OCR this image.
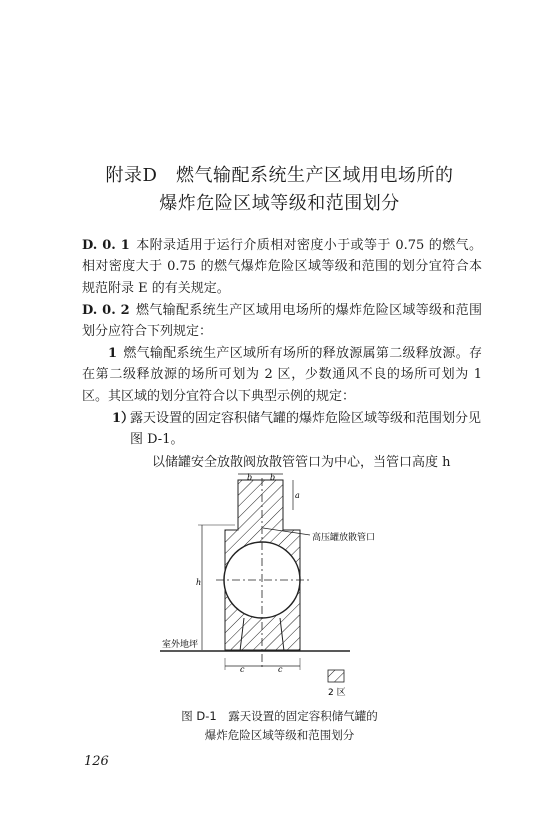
附录D　燃气输配系统生产区域用电场所的
爆炸危险区域等级和范围划分
D. 0. 1 本附录适用于运行介质相对密度小于或等于 0.75 的燃气。相对密度大于 0.75 的燃气爆炸危险区域等级和范围的划分宜符合本规范附录 E 的有关规定。
D. 0. 2 燃气输配系统生产区域用电场所的爆炸危险区域等级和范围划分应符合下列规定：
1 燃气输配系统生产区域所有场所的释放源属第二级释放源。存在第二级释放源的场所可划为 2 区，少数通风不良的场所可划为 1 区。其区域的划分宜符合以下典型示例的规定：
1）
露天设置的固定容积储气罐的爆炸危险区域等级和范围划分见图 D-1。
以储罐安全放散阀放散管管口为中心，当管口高度 h
b b
a
h
高压罐放散管口
室外地坪
c	c
2 区
图 D-1　露天设置的固定容积储气罐的
爆炸危险区域等级和范围划分
126
